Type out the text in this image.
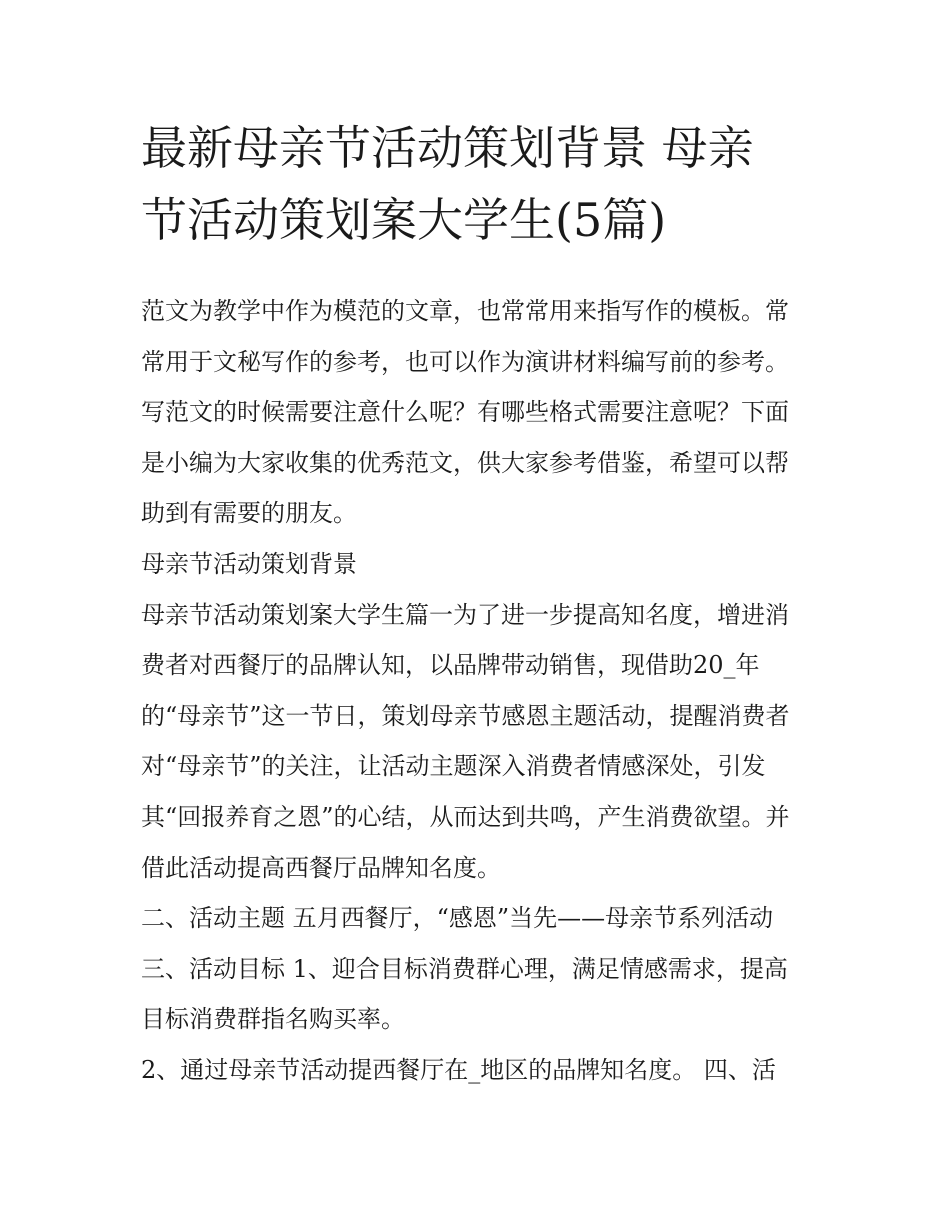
最新母亲节活动策划背景 母亲
节活动策划案大学生(5篇)
范文为教学中作为模范的文章，也常常用来指写作的模板。常
常用于文秘写作的参考，也可以作为演讲材料编写前的参考。
写范文的时候需要注意什么呢？有哪些格式需要注意呢？下面
是小编为大家收集的优秀范文，供大家参考借鉴，希望可以帮
助到有需要的朋友。
母亲节活动策划背景
母亲节活动策划案大学生篇一为了进一步提高知名度，增进消
费者对西餐厅的品牌认知，以品牌带动销售，现借助20_年
的“母亲节”这一节日，策划母亲节感恩主题活动，提醒消费者
对“母亲节”的关注，让活动主题深入消费者情感深处，引发
其“回报养育之恩”的心结，从而达到共鸣，产生消费欲望。并
借此活动提高西餐厅品牌知名度。
二、活动主题 五月西餐厅，“感恩”当先——母亲节系列活动
三、活动目标 1、迎合目标消费群心理，满足情感需求，提高
目标消费群指名购买率。
2、通过母亲节活动提西餐厅在_地区的品牌知名度。 四、活
